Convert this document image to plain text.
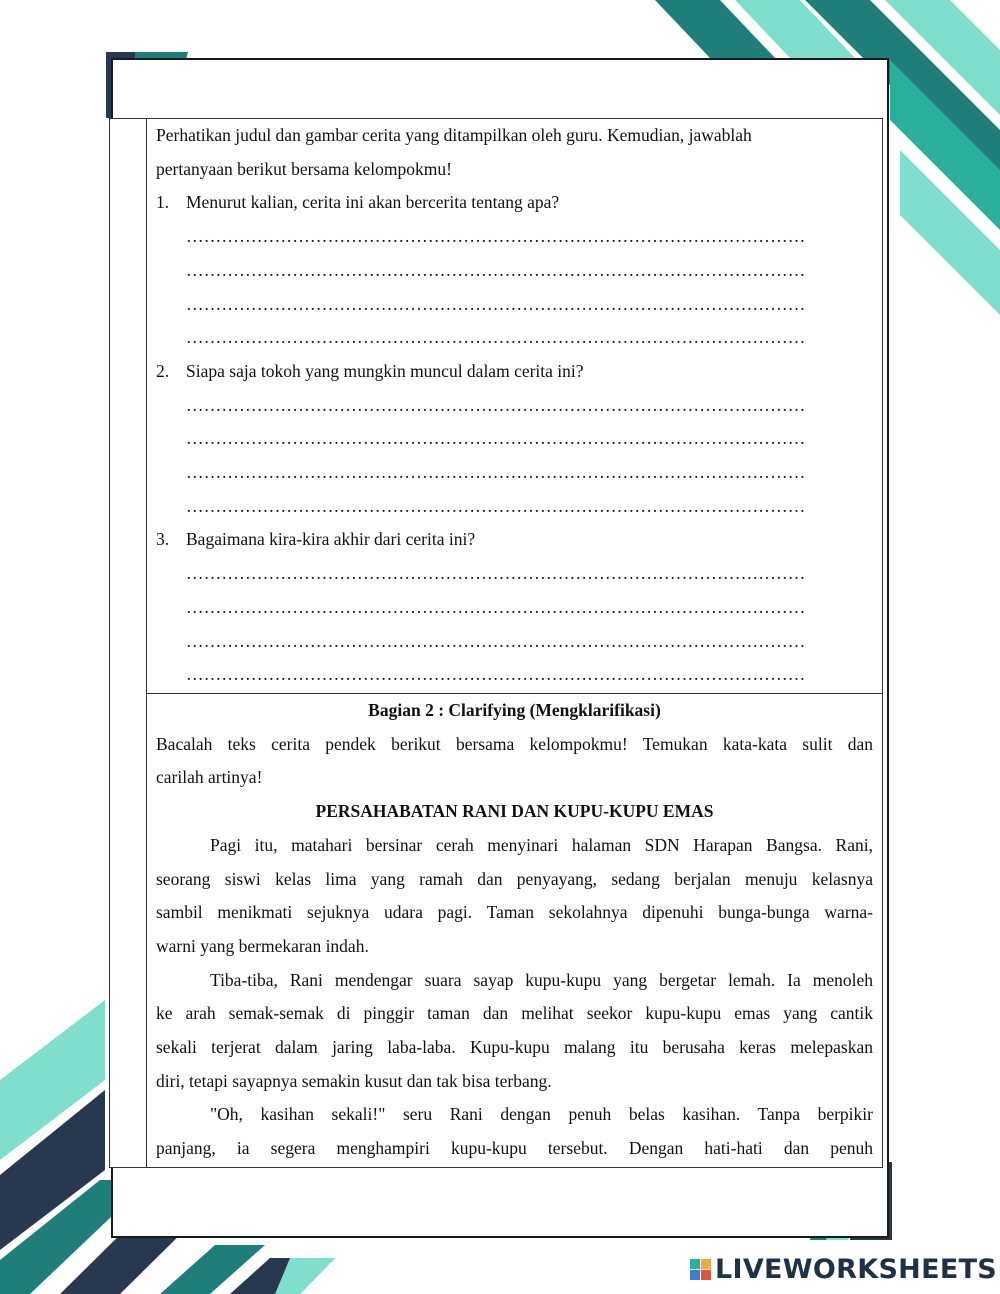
Perhatikan judul dan gambar cerita yang ditampilkan oleh guru. Kemudian, jawablah
pertanyaan berikut bersama kelompokmu!
1. Menurut kalian, cerita ini akan bercerita tentang apa?
……………………………………………………………………………………………
……………………………………………………………………………………………
……………………………………………………………………………………………
……………………………………………………………………………………………
2. Siapa saja tokoh yang mungkin muncul dalam cerita ini?
……………………………………………………………………………………………
……………………………………………………………………………………………
……………………………………………………………………………………………
……………………………………………………………………………………………
3. Bagaimana kira-kira akhir dari cerita ini?
……………………………………………………………………………………………
……………………………………………………………………………………………
……………………………………………………………………………………………
……………………………………………………………………………………………
Bagian 2 : Clarifying (Mengklarifikasi)
Bacalah teks cerita pendek berikut bersama kelompokmu! Temukan kata-kata sulit dan
carilah artinya!
PERSAHABATAN RANI DAN KUPU-KUPU EMAS
Pagi itu, matahari bersinar cerah menyinari halaman SDN Harapan Bangsa. Rani,
seorang siswi kelas lima yang ramah dan penyayang, sedang berjalan menuju kelasnya
sambil menikmati sejuknya udara pagi. Taman sekolahnya dipenuhi bunga-bunga warna-
warni yang bermekaran indah.
Tiba-tiba, Rani mendengar suara sayap kupu-kupu yang bergetar lemah. Ia menoleh
ke arah semak-semak di pinggir taman dan melihat seekor kupu-kupu emas yang cantik
sekali terjerat dalam jaring laba-laba. Kupu-kupu malang itu berusaha keras melepaskan
diri, tetapi sayapnya semakin kusut dan tak bisa terbang.
"Oh, kasihan sekali!" seru Rani dengan penuh belas kasihan. Tanpa berpikir
panjang, ia segera menghampiri kupu-kupu tersebut. Dengan hati-hati dan penuh
LIVEWORKSHEETS
